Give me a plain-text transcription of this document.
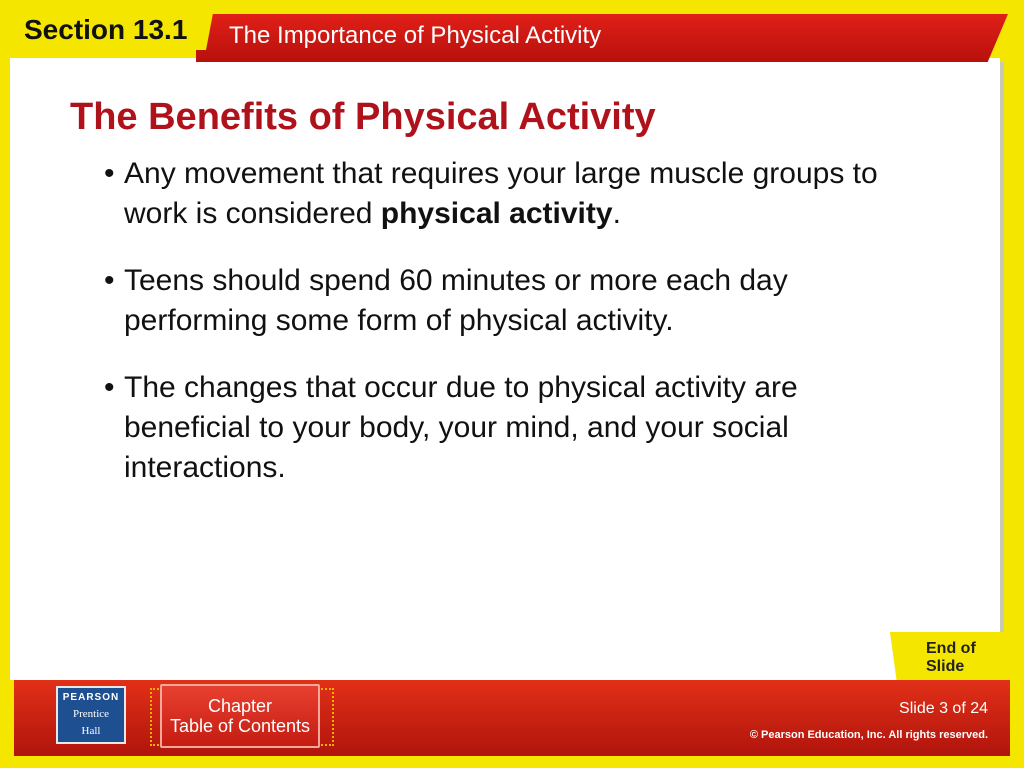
The Importance of Physical Activity
Section 13.1
The Benefits of Physical Activity
• Any movement that requires your large muscle groups to work is considered physical activity.
• Teens should spend 60 minutes or more each day performing some form of physical activity.
• The changes that occur due to physical activity are beneficial to your body, your mind, and your social interactions.
End of
Slide
PEARSON
Prentice
Hall
Chapter
Table of Contents
Slide 3 of 24
© Pearson Education, Inc. All rights reserved.
